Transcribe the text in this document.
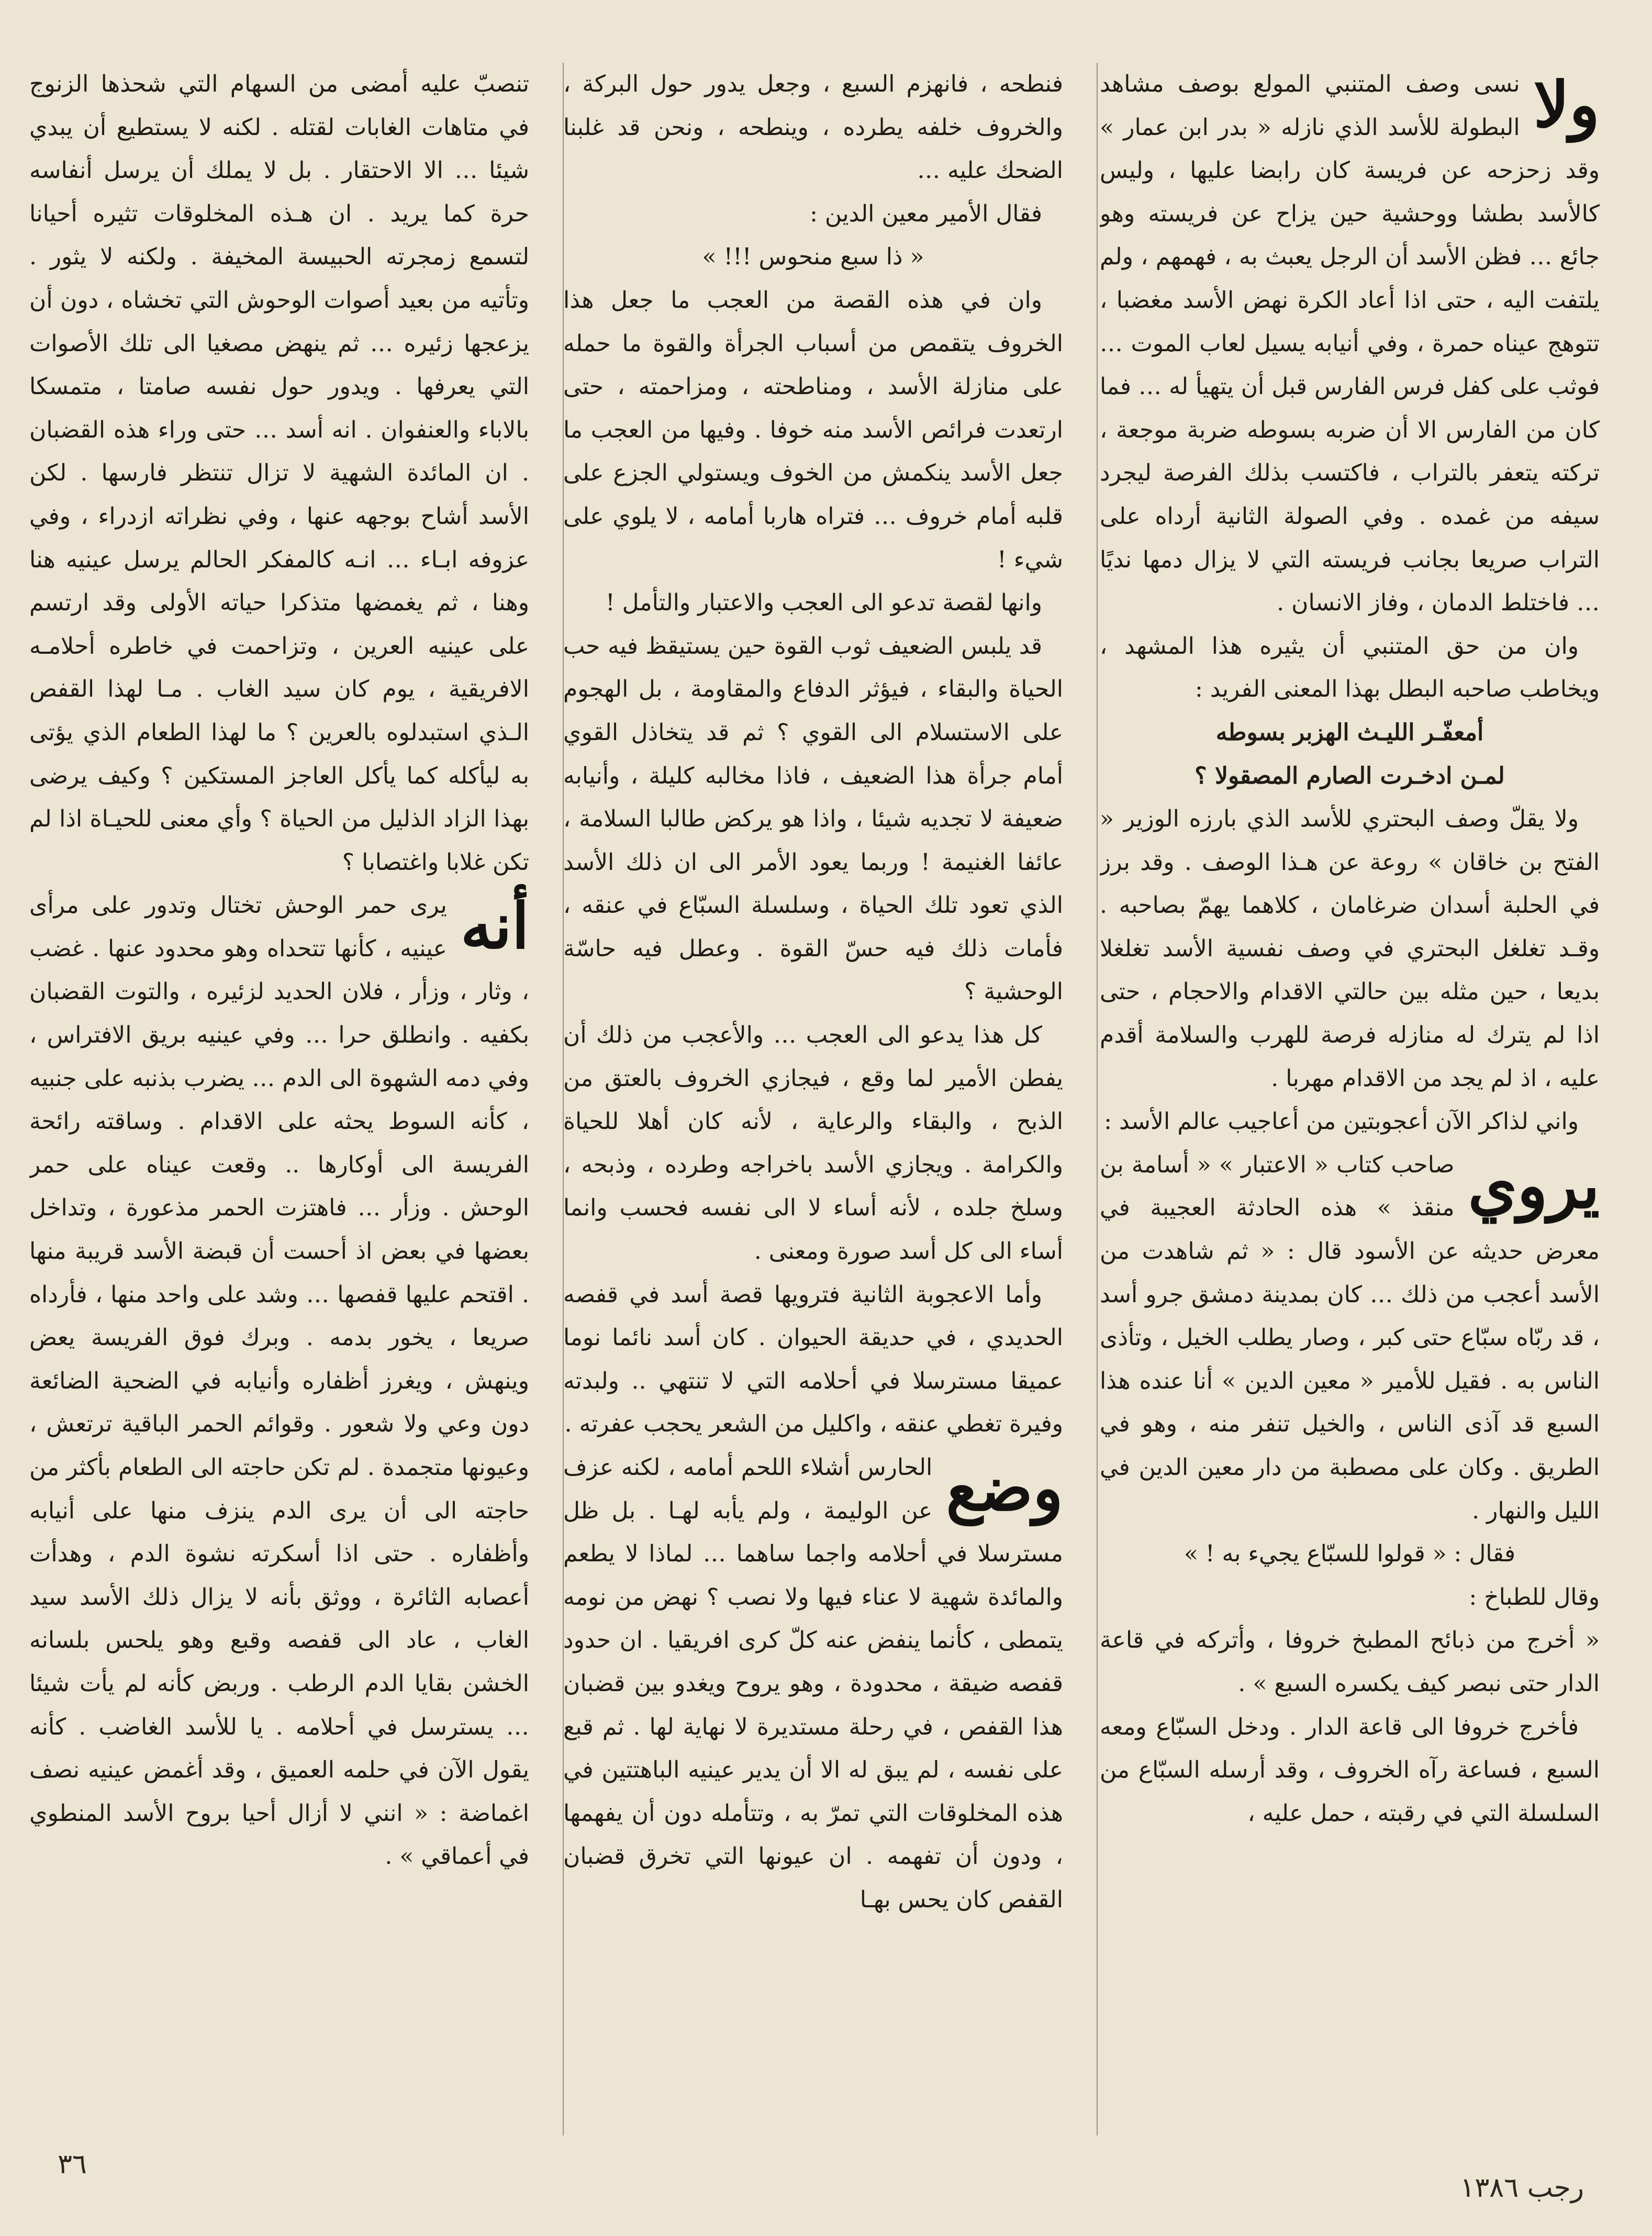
ولا

نسى وصف المتنبي المولع بوصف مشاهد البطولة للأسد الذي نازله « بدر ابن عمار » وقد زحزحه عن فريسة كان رابضا عليها ، وليس كالأسد بطشا ووحشية حين يزاح عن فريسته وهو جائع … فظن الأسد أن الرجل يعبث به ، فهمهم ، ولم يلتفت اليه ، حتى اذا أعاد الكرة نهض الأسد مغضبا ، تتوهج عيناه حمرة ، وفي أنيابه يسيل لعاب الموت … فوثب على كفل فرس الفارس قبل أن يتهيأ له … فما كان من الفارس الا أن ضربه بسوطه ضربة موجعة ، تركته يتعفر بالتراب ، فاكتسب بذلك الفرصة ليجرد سيفه من غمده . وفي الصولة الثانية أرداه على التراب صريعا بجانب فريسته التي لا يزال دمها نديًا … فاختلط الدمان ، وفاز الانسان .

وان من حق المتنبي أن يثيره هذا المشهد ، ويخاطب صاحبه البطل بهذا المعنى الفريد :

أمعفّـر الليـث الهزبر بسوطه

لمـن ادخـرت الصارم المصقولا ؟

ولا يقلّ وصف البحتري للأسد الذي بارزه الوزير « الفتح بن خاقان » روعة عن هـذا الوصف . وقد برز في الحلبة أسدان ضرغامان ، كلاهما يهمّ بصاحبه . وقـد تغلغل البحتري في وصف نفسية الأسد تغلغلا بديعا ، حين مثله بين حالتي الاقدام والاحجام ، حتى اذا لم يترك له منازله فرصة للهرب والسلامة أقدم عليه ، اذ لم يجد من الاقدام مهربا .

واني لذاكر الآن أعجوبتين من أعاجيب عالم الأسد :

يروي

صاحب كتاب « الاعتبار » « أسامة بن منقذ » هذه الحادثة العجيبة في معرض حديثه عن الأسود قال : « ثم شاهدت من الأسد أعجب من ذلك … كان بمدينة دمشق جرو أسد ، قد ربّاه سبّاع حتى كبر ، وصار يطلب الخيل ، وتأذى الناس به . فقيل للأمير « معين الدين » أنا عنده هذا السبع قد آذى الناس ، والخيل تنفر منه ، وهو في الطريق . وكان على مصطبة من دار معين الدين في الليل والنهار .

فقال : « قولوا للسبّاع يجيء به ! »

وقال للطباخ :

« أخرج من ذبائح المطبخ خروفا ، وأتركه في قاعة الدار حتى نبصر كيف يكسره السبع » .

فأخرج خروفا الى قاعة الدار . ودخل السبّاع ومعه السبع ، فساعة رآه الخروف ، وقد أرسله السبّاع من السلسلة التي في رقبته ، حمل عليه ،

فنطحه ، فانهزم السبع ، وجعل يدور حول البركة ، والخروف خلفه يطرده ، وينطحه ، ونحن قد غلبنا الضحك عليه …

فقال الأمير معين الدين :

« ذا سبع منحوس !!! »

وان في هذه القصة من العجب ما جعل هذا الخروف يتقمص من أسباب الجرأة والقوة ما حمله على منازلة الأسد ، ومناطحته ، ومزاحمته ، حتى ارتعدت فرائص الأسد منه خوفا . وفيها من العجب ما جعل الأسد ينكمش من الخوف ويستولي الجزع على قلبه أمام خروف … فتراه هاربا أمامه ، لا يلوي على شيء !

وانها لقصة تدعو الى العجب والاعتبار والتأمل !

قد يلبس الضعيف ثوب القوة حين يستيقظ فيه حب الحياة والبقاء ، فيؤثر الدفاع والمقاومة ، بل الهجوم على الاستسلام الى القوي ؟ ثم قد يتخاذل القوي أمام جرأة هذا الضعيف ، فاذا مخالبه كليلة ، وأنيابه ضعيفة لا تجديه شيئا ، واذا هو يركض طالبا السلامة ، عائفا الغنيمة ! وربما يعود الأمر الى ان ذلك الأسد الذي تعود تلك الحياة ، وسلسلة السبّاع في عنقه ، فأمات ذلك فيه حسّ القوة . وعطل فيه حاسّة الوحشية ؟

كل هذا يدعو الى العجب … والأعجب من ذلك أن يفطن الأمير لما وقع ، فيجازي الخروف بالعتق من الذبح ، والبقاء والرعاية ، لأنه كان أهلا للحياة والكرامة . ويجازي الأسد باخراجه وطرده ، وذبحه ، وسلخ جلده ، لأنه أساء لا الى نفسه فحسب وانما أساء الى كل أسد صورة ومعنى .

وأما الاعجوبة الثانية فترويها قصة أسد في قفصه الحديدي ، في حديقة الحيوان . كان أسد نائما نوما عميقا مسترسلا في أحلامه التي لا تنتهي .. ولبدته وفيرة تغطي عنقه ، واكليل من الشعر يحجب عفرته .

وضع

الحارس أشلاء اللحم أمامه ، لكنه عزف عن الوليمة ، ولم يأبه لهـا . بل ظل مسترسلا في أحلامه واجما ساهما … لماذا لا يطعم والمائدة شهية لا عناء فيها ولا نصب ؟ نهض من نومه يتمطى ، كأنما ينفض عنه كلّ كرى افريقيا . ان حدود قفصه ضيقة ، محدودة ، وهو يروح ويغدو بين قضبان هذا القفص ، في رحلة مستديرة لا نهاية لها . ثم قبع على نفسه ، لم يبق له الا أن يدير عينيه الباهتتين في هذه المخلوقات التي تمرّ به ، وتتأمله دون أن يفهمها ، ودون أن تفهمه . ان عيونها التي تخرق قضبان القفص كان يحس بهـا

تنصبّ عليه أمضى من السهام التي شحذها الزنوج في متاهات الغابات لقتله . لكنه لا يستطيع أن يبدي شيئا … الا الاحتقار . بل لا يملك أن يرسل أنفاسه حرة كما يريد . ان هـذه المخلوقات تثيره أحيانا لتسمع زمجرته الحبيسة المخيفة . ولكنه لا يثور . وتأتيه من بعيد أصوات الوحوش التي تخشاه ، دون أن يزعجها زئيره … ثم ينهض مصغيا الى تلك الأصوات التي يعرفها . ويدور حول نفسه صامتا ، متمسكا بالاباء والعنفوان . انه أسد … حتى وراء هذه القضبان . ان المائدة الشهية لا تزال تنتظر فارسها . لكن الأسد أشاح بوجهه عنها ، وفي نظراته ازدراء ، وفي عزوفه ابـاء … انـه كالمفكر الحالم يرسل عينيه هنا وهنا ، ثم يغمضها متذكرا حياته الأولى وقد ارتسم على عينيه العرين ، وتزاحمت في خاطره أحلامـه الافريقية ، يوم كان سيد الغاب . مـا لهذا القفص الـذي استبدلوه بالعرين ؟ ما لهذا الطعام الذي يؤتى به ليأكله كما يأكل العاجز المستكين ؟ وكيف يرضى بهذا الزاد الذليل من الحياة ؟ وأي معنى للحيـاة اذا لم تكن غلابا واغتصابا ؟

أنه

يرى حمر الوحش تختال وتدور على مرأى عينيه ، كأنها تتحداه وهو محدود عنها . غضب ، وثار ، وزأر ، فلان الحديد لزئيره ، والتوت القضبان بكفيه . وانطلق حرا … وفي عينيه بريق الافتراس ، وفي دمه الشهوة الى الدم … يضرب بذنبه على جنبيه ، كأنه السوط يحثه على الاقدام . وساقته رائحة الفريسة الى أوكارها .. وقعت عيناه على حمر الوحش . وزأر … فاهتزت الحمر مذعورة ، وتداخل بعضها في بعض اذ أحست أن قبضة الأسد قريبة منها . اقتحم عليها قفصها … وشد على واحد منها ، فأرداه صريعا ، يخور بدمه . وبرك فوق الفريسة يعض وينهش ، ويغرز أظفاره وأنيابه في الضحية الضائعة دون وعي ولا شعور . وقوائم الحمر الباقية ترتعش ، وعيونها متجمدة . لم تكن حاجته الى الطعام بأكثر من حاجته الى أن يرى الدم ينزف منها على أنيابه وأظفاره . حتى اذا أسكرته نشوة الدم ، وهدأت أعصابه الثائرة ، ووثق بأنه لا يزال ذلك الأسد سيد الغاب ، عاد الى قفصه وقبع وهو يلحس بلسانه الخشن بقايا الدم الرطب . وربض كأنه لم يأت شيئا … يسترسل في أحلامه . يا للأسد الغاضب . كأنه يقول الآن في حلمه العميق ، وقد أغمض عينيه نصف اغماضة : « انني لا أزال أحيا بروح الأسد المنطوي في أعماقي » .

٣٦
رجب ١٣٨٦
